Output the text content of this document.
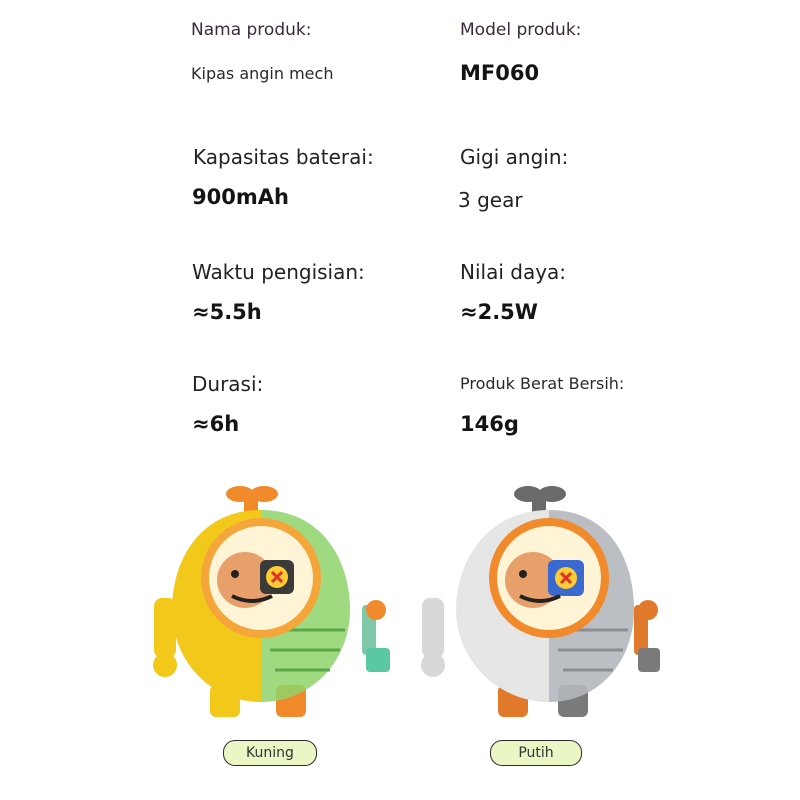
Nama produk:	Model produk:
Kipas angin mech	MF060
Kapasitas baterai:	Gigi angin:
900mAh	3 gear
Waktu pengisian:	Nilai daya:
≈5.5h	≈2.5W
Durasi:	Produk Berat Bersih:
≈6h	146g
Kuning	Putih
